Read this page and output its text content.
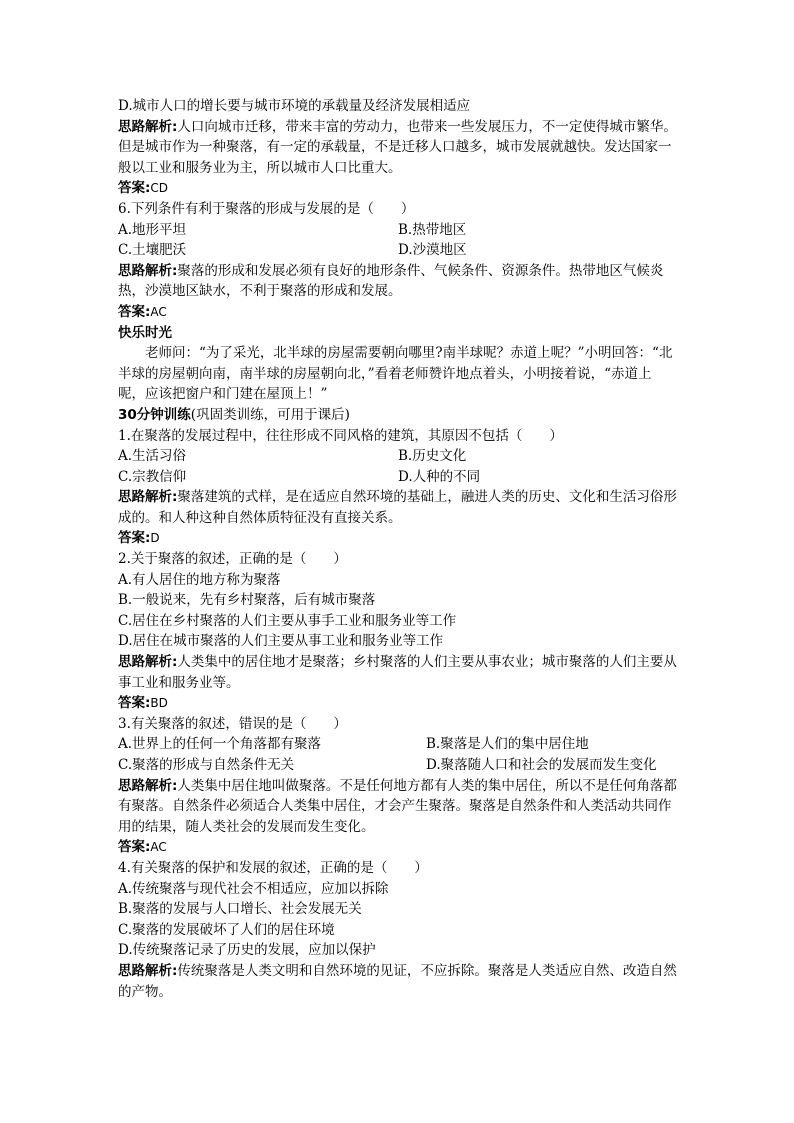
D.城市人口的增长要与城市环境的承载量及经济发展相适应
思路解析:人口向城市迁移，带来丰富的劳动力，也带来一些发展压力，不一定使得城市繁华。但是城市作为一种聚落，有一定的承载量，不是迁移人口越多，城市发展就越快。发达国家一般以工业和服务业为主，所以城市人口比重大。
答案:CD
6.下列条件有利于聚落的形成与发展的是（　　）
A.地形平坦	B.热带地区
C.土壤肥沃	D.沙漠地区
思路解析:聚落的形成和发展必须有良好的地形条件、气候条件、资源条件。热带地区气候炎热，沙漠地区缺水，不利于聚落的形成和发展。
答案:AC
快乐时光
老师问：“为了采光，北半球的房屋需要朝向哪里?南半球呢？赤道上呢？”小明回答：“北半球的房屋朝向南，南半球的房屋朝向北，”看着老师赞许地点着头，小明接着说，“赤道上呢，应该把窗户和门建在屋顶上！”
30分钟训练(巩固类训练，可用于课后)
1.在聚落的发展过程中，往往形成不同风格的建筑，其原因不包括（　　）
A.生活习俗	B.历史文化
C.宗教信仰	D.人种的不同
思路解析:聚落建筑的式样，是在适应自然环境的基础上，融进人类的历史、文化和生活习俗形成的。和人种这种自然体质特征没有直接关系。
答案:D
2.关于聚落的叙述，正确的是（　　）
A.有人居住的地方称为聚落
B.一般说来，先有乡村聚落，后有城市聚落
C.居住在乡村聚落的人们主要从事手工业和服务业等工作
D.居住在城市聚落的人们主要从事工业和服务业等工作
思路解析:人类集中的居住地才是聚落；乡村聚落的人们主要从事农业；城市聚落的人们主要从事工业和服务业等。
答案:BD
3.有关聚落的叙述，错误的是（　　）
A.世界上的任何一个角落都有聚落	B.聚落是人们的集中居住地
C.聚落的形成与自然条件无关	D.聚落随人口和社会的发展而发生变化
思路解析:人类集中居住地叫做聚落。不是任何地方都有人类的集中居住，所以不是任何角落都有聚落。自然条件必须适合人类集中居住，才会产生聚落。聚落是自然条件和人类活动共同作用的结果，随人类社会的发展而发生变化。
答案:AC
4.有关聚落的保护和发展的叙述，正确的是（　　）
A.传统聚落与现代社会不相适应，应加以拆除
B.聚落的发展与人口增长、社会发展无关
C.聚落的发展破坏了人们的居住环境
D.传统聚落记录了历史的发展，应加以保护
思路解析:传统聚落是人类文明和自然环境的见证，不应拆除。聚落是人类适应自然、改造自然的产物。
